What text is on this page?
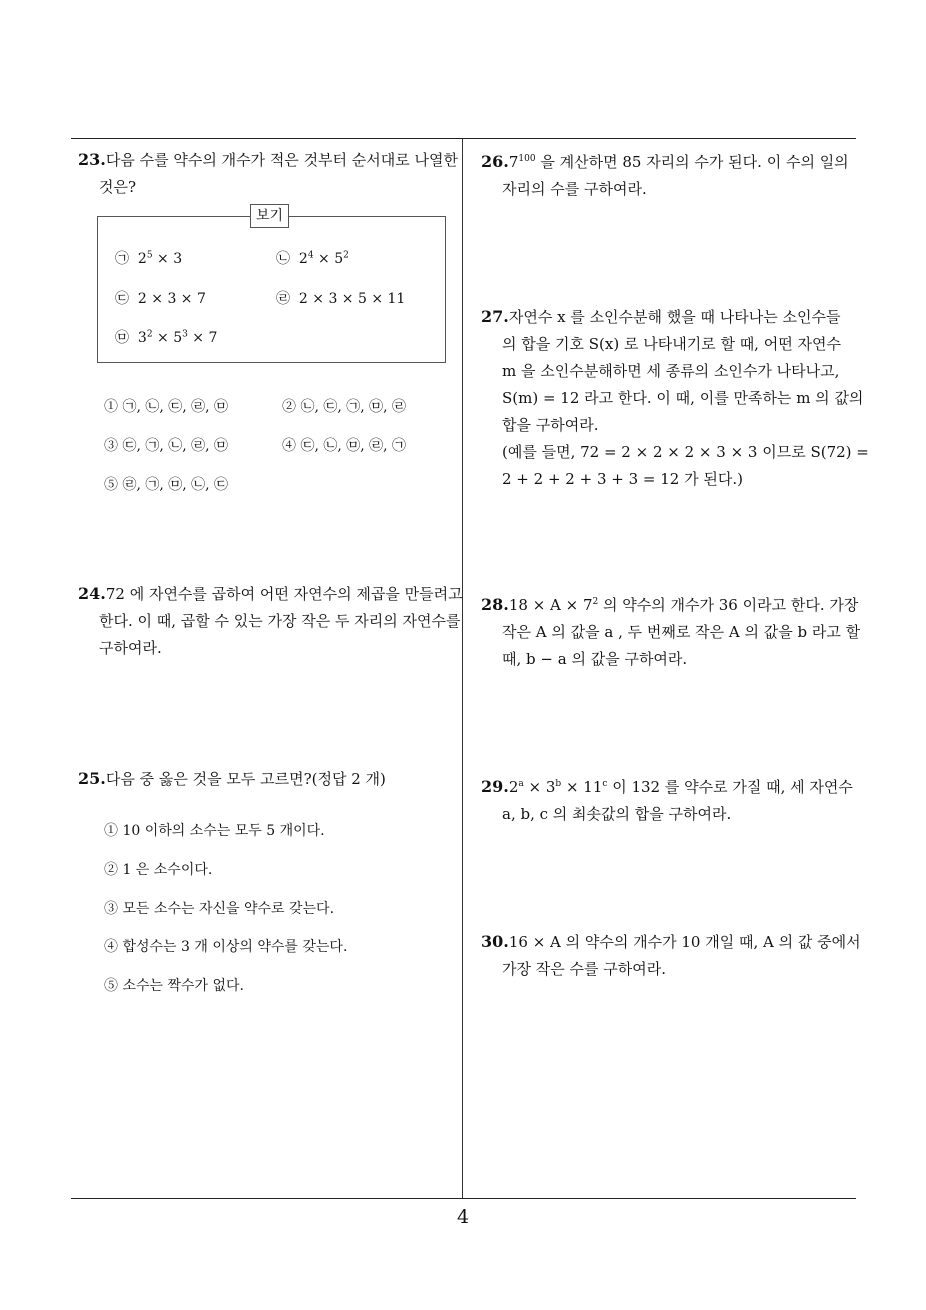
23.다음 수를 약수의 개수가 적은 것부터 순서대로 나열한
것은?
보기
㉠ $2^5 \times 3$	㉡ $2^4 \times 5^2$
㉢ 2 × 3 × 7	㉣ 2 × 3 × 5 × 11
㉤ $3^2 \times 5^3 \times 7$
① ㉠, ㉡, ㉢, ㉣, ㉤	② ㉡, ㉢, ㉠, ㉤, ㉣
③ ㉢, ㉠, ㉡, ㉣, ㉤	④ ㉢, ㉡, ㉤, ㉣, ㉠
⑤ ㉣, ㉠, ㉤, ㉡, ㉢
24.72 에 자연수를 곱하여 어떤 자연수의 제곱을 만들려고
한다. 이 때, 곱할 수 있는 가장 작은 두 자리의 자연수를
구하여라.
25.다음 중 옳은 것을 모두 고르면?(정답 2 개)
① 10 이하의 소수는 모두 5 개이다.
② 1 은 소수이다.
③ 모든 소수는 자신을 약수로 갖는다.
④ 합성수는 3 개 이상의 약수를 갖는다.
⑤ 소수는 짝수가 없다.
26.7$^{100}$ 을 계산하면 85 자리의 수가 된다. 이 수의 일의
자리의 수를 구하여라.
27.자연수 x 를 소인수분해 했을 때 나타나는 소인수들
의 합을 기호 S(x) 로 나타내기로 할 때, 어떤 자연수
m 을 소인수분해하면 세 종류의 소인수가 나타나고,
S(m) = 12 라고 한다. 이 때, 이를 만족하는 m 의 값의
합을 구하여라.
(예를 들면, 72 = 2 × 2 × 2 × 3 × 3 이므로 S(72) =
2 + 2 + 2 + 3 + 3 = 12 가 된다.)
$28.18 \times A \times 7^2$ 의 약수의 개수가 36 이라고 한다. 가장
작은 A 의 값을 a , 두 번째로 작은 A 의 값을 b 라고 할
때, b − a 의 값을 구하여라.
$29.2^a \times 3^b \times 11^c$ 이 132 를 약수로 가질 때, 세 자연수
a, b, c 의 최솟값의 합을 구하여라.
30.16 × A 의 약수의 개수가 10 개일 때, A 의 값 중에서
가장 작은 수를 구하여라.
4
